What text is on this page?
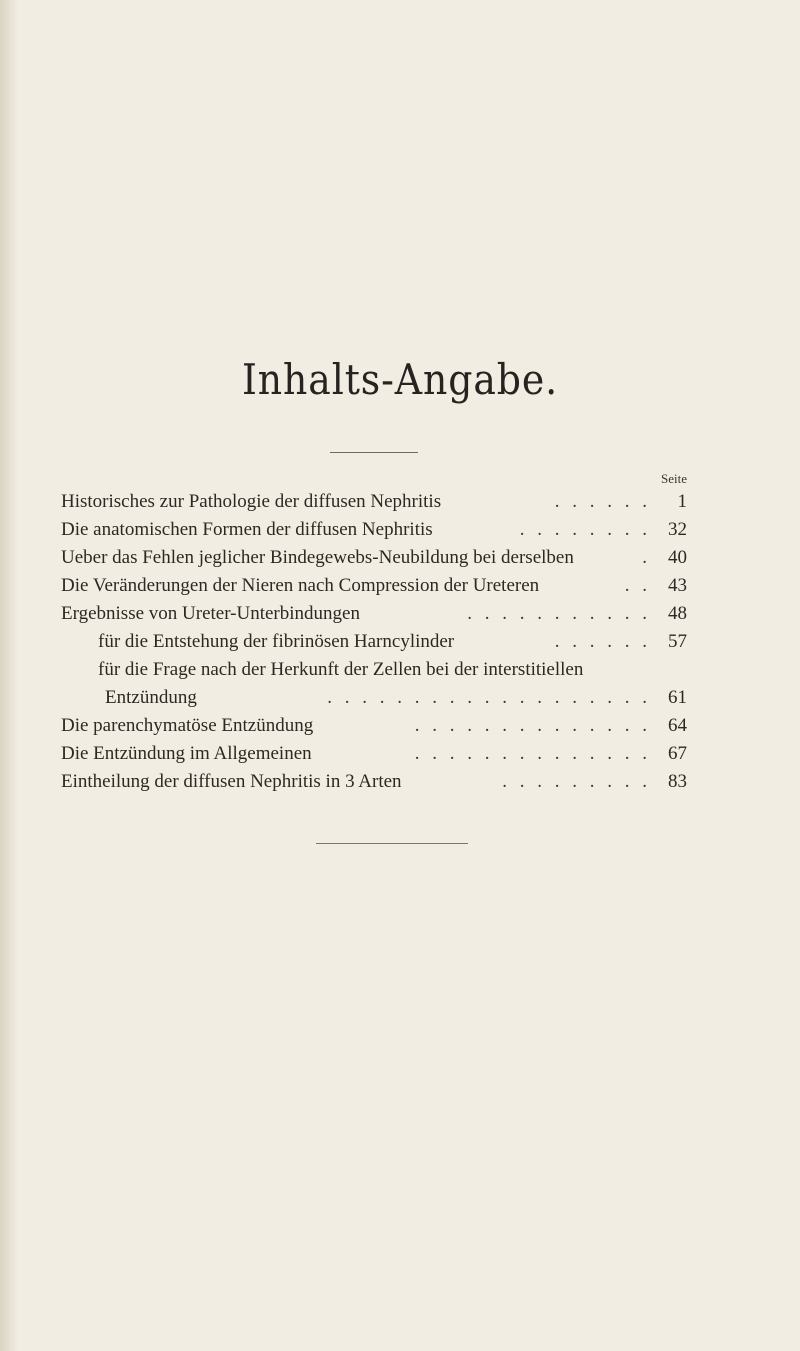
Inhalts-Angabe.
Seite
Historisches zur Pathologie der diffusen Nephritis	. . . . . .	1
Die anatomischen Formen der diffusen Nephritis	. . . . . . . . 32
Ueber das Fehlen jeglicher Bindegewebs-Neubildung bei derselben	. 40
Die Veränderungen der Nieren nach Compression der Ureteren	. . 43
Ergebnisse von Ureter-Unterbindungen	. . . . . . . . . . . 48
für die Entstehung der fibrinösen Harncylinder	. . . . . . 57
für die Frage nach der Herkunft der Zellen bei der interstitiellen
Entzündung	. . . . . . . . . . . . . . . . . . . 61
Die parenchymatöse Entzündung	. . . . . . . . . . . . . . 64
Die Entzündung im Allgemeinen	. . . . . . . . . . . . . . 67
Eintheilung der diffusen Nephritis in 3 Arten	. . . . . . . . . 83
